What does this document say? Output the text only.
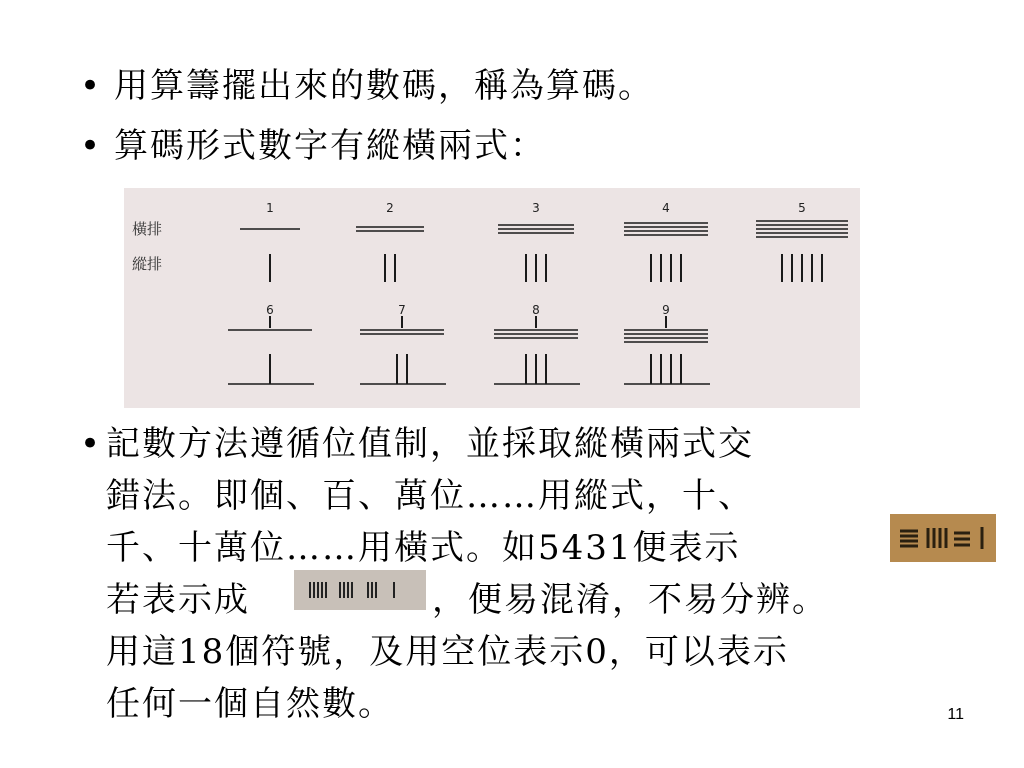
• 用算籌擺出來的數碼，稱為算碼。
• 算碼形式數字有縱橫兩式：
橫排
縱排
1	2	3	4	5
6	7	8	9
• 記數方法遵循位值制，並採取縱橫兩式交
錯法。即個、百、萬位……用縱式，十、
千、十萬位……用橫式。如5431便表示
若表示成	，便易混淆，不易分辨。
用這18個符號，及用空位表示0，可以表示
任何一個自然數。	11
